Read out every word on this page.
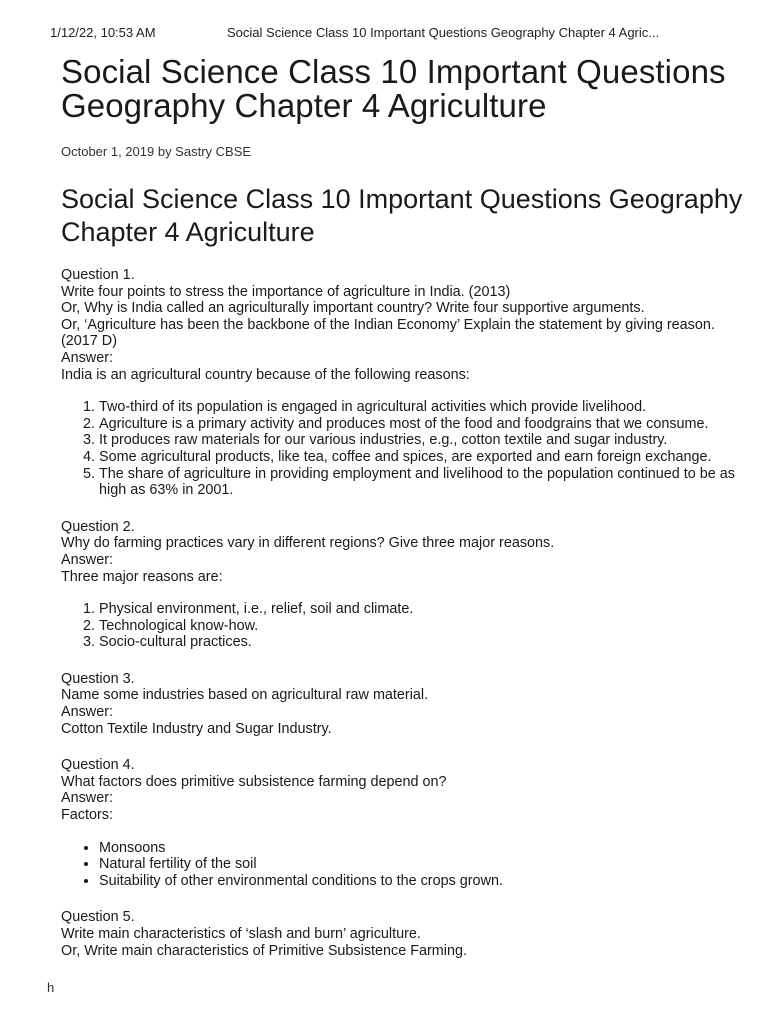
1/12/22, 10:53 AM	Social Science Class 10 Important Questions Geography Chapter 4 Agric...
Social Science Class 10 Important Questions Geography Chapter 4 Agriculture
October 1, 2019 by Sastry CBSE
Social Science Class 10 Important Questions Geography Chapter 4 Agriculture

Question 1.

Write four points to stress the importance of agriculture in India. (2013)

Or, Why is India called an agriculturally important country? Write four supportive arguments.

Or, ‘Agriculture has been the backbone of the Indian Economy’ Explain the statement by giving reason. (2017 D)

Answer:

India is an agricultural country because of the following reasons:

1. Two-third of its population is engaged in agricultural activities which provide livelihood.
2. Agriculture is a primary activity and produces most of the food and foodgrains that we consume.
3. It produces raw materials for our various industries, e.g., cotton textile and sugar industry.
4. Some agricultural products, like tea, coffee and spices, are exported and earn foreign exchange.
5. The share of agriculture in providing employment and livelihood to the population continued to be as high as 63% in 2001.

Question 2.

Why do farming practices vary in different regions? Give three major reasons.

Answer:

Three major reasons are:

1. Physical environment, i.e., relief, soil and climate.
2. Technological know-how.
3. Socio-cultural practices.

Question 3.

Name some industries based on agricultural raw material.

Answer:

Cotton Textile Industry and Sugar Industry.

Question 4.

What factors does primitive subsistence farming depend on?

Answer:

Factors:

• Monsoons
• Natural fertility of the soil
• Suitability of other environmental conditions to the crops grown.

Question 5.

Write main characteristics of ‘slash and burn’ agriculture.

Or, Write main characteristics of Primitive Subsistence Farming.

h
